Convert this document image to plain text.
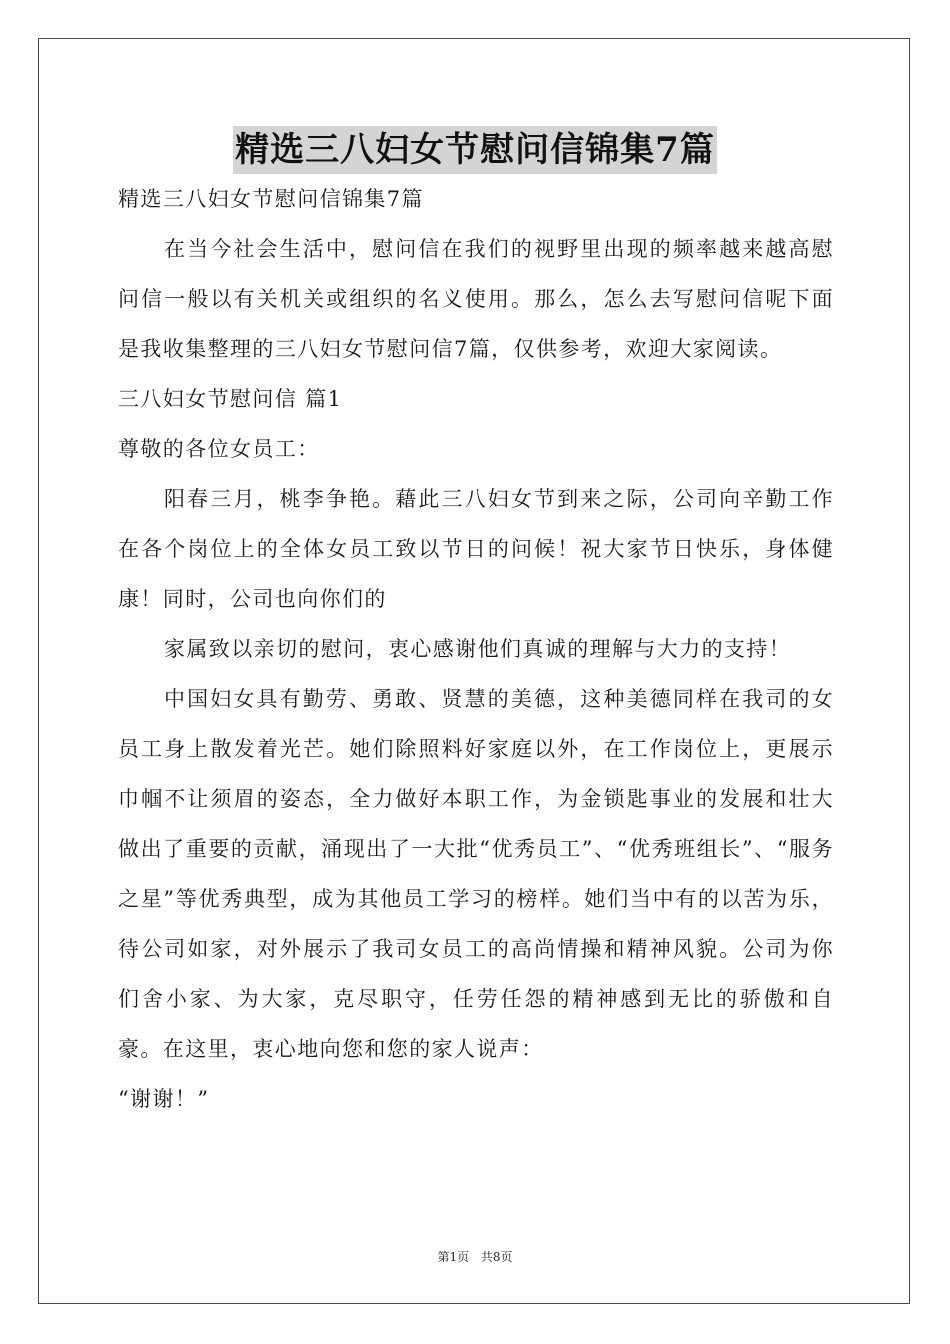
精选三八妇女节慰问信锦集7篇

精选三八妇女节慰问信锦集7篇

在当今社会生活中，慰问信在我们的视野里出现的频率越来越高慰问信一般以有关机关或组织的名义使用。那么，怎么去写慰问信呢下面是我收集整理的三八妇女节慰问信7篇，仅供参考，欢迎大家阅读。

三八妇女节慰问信 篇1

尊敬的各位女员工：

阳春三月，桃李争艳。藉此三八妇女节到来之际，公司向辛勤工作在各个岗位上的全体女员工致以节日的问候！祝大家节日快乐，身体健康！同时，公司也向你们的

家属致以亲切的慰问，衷心感谢他们真诚的理解与大力的支持！

中国妇女具有勤劳、勇敢、贤慧的美德，这种美德同样在我司的女员工身上散发着光芒。她们除照料好家庭以外，在工作岗位上，更展示巾帼不让须眉的姿态，全力做好本职工作，为金锁匙事业的发展和壮大做出了重要的贡献，涌现出了一大批“优秀员工”、“优秀班组长”、“服务之星”等优秀典型，成为其他员工学习的榜样。她们当中有的以苦为乐，待公司如家，对外展示了我司女员工的高尚情操和精神风貌。公司为你们舍小家、为大家，克尽职守，任劳任怨的精神感到无比的骄傲和自豪。在这里，衷心地向您和您的家人说声：

“谢谢！”

第1页 共8页
